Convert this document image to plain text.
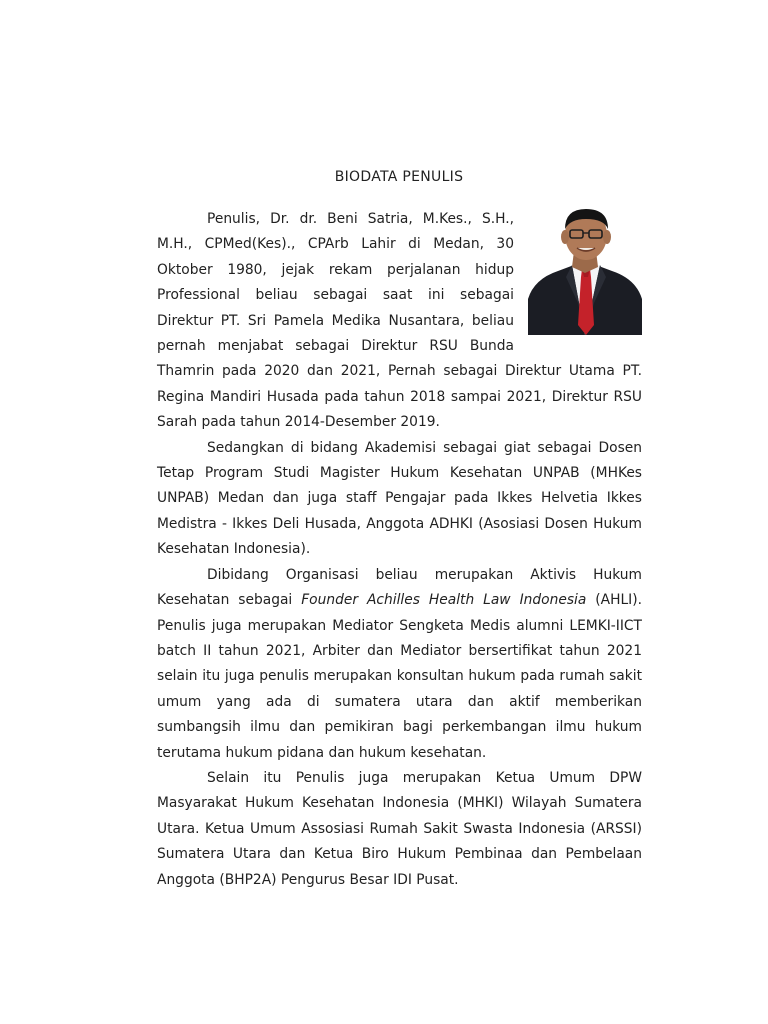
BIODATA PENULIS

Penulis, Dr. dr. Beni Satria, M.Kes., S.H., M.H., CPMed(Kes)., CPArb Lahir di Medan, 30 Oktober 1980, jejak rekam perjalanan hidup Professional beliau sebagai saat ini sebagai Direktur PT. Sri Pamela Medika Nusantara, beliau pernah menjabat sebagai Direktur RSU Bunda Thamrin pada 2020 dan 2021, Pernah sebagai Direktur Utama PT. Regina Mandiri Husada pada tahun 2018 sampai 2021, Direktur RSU Sarah pada tahun 2014-Desember 2019.

Sedangkan di bidang Akademisi sebagai giat sebagai Dosen Tetap Program Studi Magister Hukum Kesehatan UNPAB (MHKes UNPAB) Medan dan juga staff Pengajar pada Ikkes Helvetia Ikkes Medistra - Ikkes Deli Husada, Anggota ADHKI (Asosiasi Dosen Hukum Kesehatan Indonesia).

Dibidang Organisasi beliau merupakan Aktivis Hukum Kesehatan sebagai Founder Achilles Health Law Indonesia (AHLI). Penulis juga merupakan Mediator Sengketa Medis alumni LEMKI-IICT batch II tahun 2021, Arbiter dan Mediator bersertifikat tahun 2021 selain itu juga penulis merupakan konsultan hukum pada rumah sakit umum yang ada di sumatera utara dan aktif memberikan sumbangsih ilmu dan pemikiran bagi perkembangan ilmu hukum terutama hukum pidana dan hukum kesehatan.

Selain itu Penulis juga merupakan Ketua Umum DPW Masyarakat Hukum Kesehatan Indonesia (MHKI) Wilayah Sumatera Utara. Ketua Umum Assosiasi Rumah Sakit Swasta Indonesia (ARSSI) Sumatera Utara dan Ketua Biro Hukum Pembinaa dan Pembelaan Anggota (BHP2A) Pengurus Besar IDI Pusat.
